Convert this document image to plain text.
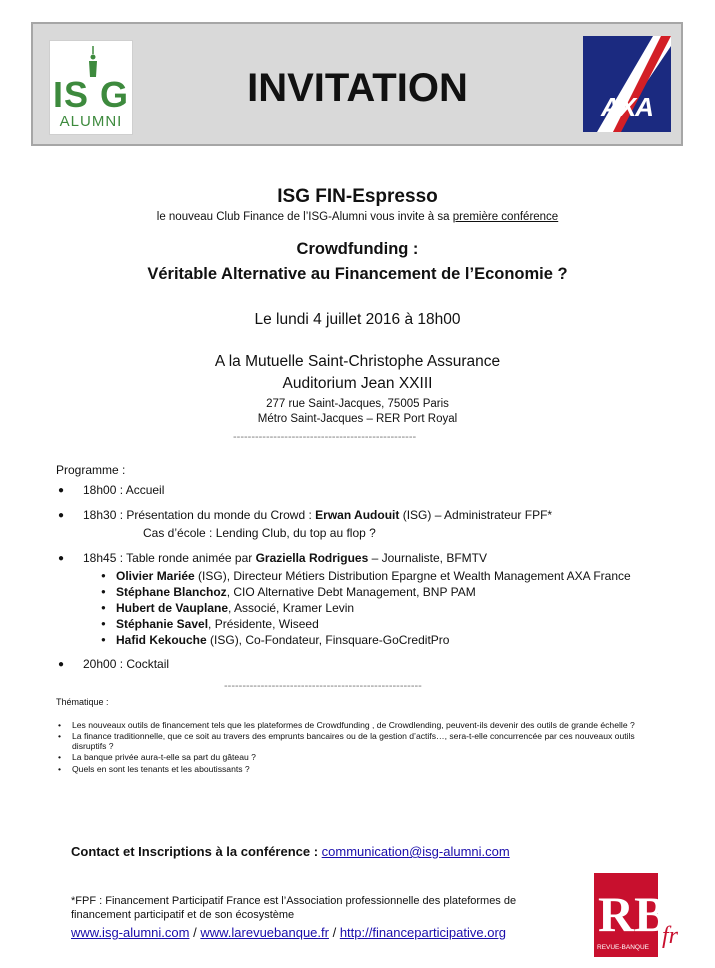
IS G
ALUMNI
INVITATION	AXA
ISG FIN-Espresso
le nouveau Club Finance de l’ISG-Alumni vous invite à sa première conférence
Crowdfunding :
Véritable Alternative au Financement de l’Economie ?
Le lundi 4 juillet 2016 à 18h00
A la Mutuelle Saint-Christophe Assurance
Auditorium Jean XXIII
277 rue Saint-Jacques, 75005 Paris
Métro Saint-Jacques – RER Port Royal
--------------------------------------------------
Programme :
● 18h00 : Accueil
● 18h30 : Présentation du monde du Crowd : Erwan Audouit (ISG) – Administrateur FPF*
Cas d’école : Lending Club, du top au flop ?
● 18h45 : Table ronde animée par Graziella Rodrigues – Journaliste, BFMTV
● Olivier Mariée (ISG), Directeur Métiers Distribution Epargne et Wealth Management AXA France
● Stéphane Blanchoz, CIO Alternative Debt Management, BNP PAM
● Hubert de Vauplane, Associé, Kramer Levin
● Stéphanie Savel, Présidente, Wiseed
● Hafid Kekouche (ISG), Co-Fondateur, Finsquare-GoCreditPro
● 20h00 : Cocktail
------------------------------------------------------
Thématique :
• Les nouveaux outils de financement tels que les plateformes de Crowdfunding , de Crowdlending, peuvent-ils devenir des outils de grande échelle ?
• La finance traditionnelle, que ce soit au travers des emprunts bancaires ou de la gestion d’actifs…, sera-t-elle concurrencée par ces nouveaux outils disruptifs ?
• La banque privée aura-t-elle sa part du gâteau ?
• Quels en sont les tenants et les aboutissants ?
Contact et Inscriptions à la conférence : communication@isg-alumni.com
*FPF : Financement Participatif France est l’Association professionnelle des plateformes de financement participatif et de son écosystème
www.isg-alumni.com / www.larevuebanque.fr / http://financeparticipative.org RB
REVUE-BANQUE fr
